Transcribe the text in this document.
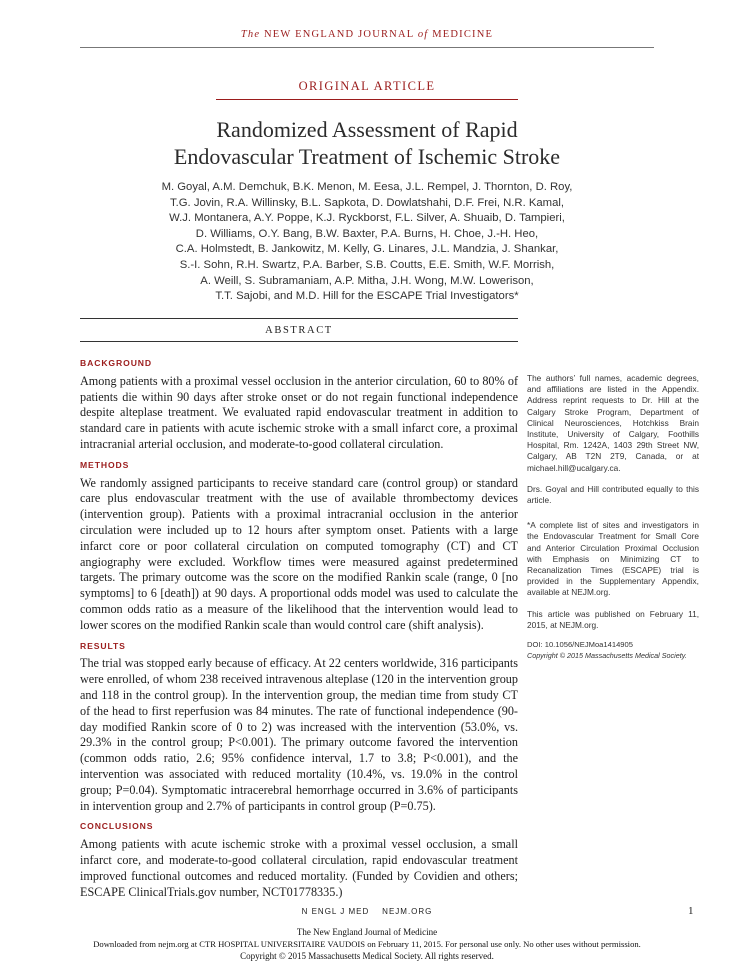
The NEW ENGLAND JOURNAL of MEDICINE
ORIGINAL ARTICLE
Randomized Assessment of Rapid
Endovascular Treatment of Ischemic Stroke
M. Goyal, A.M. Demchuk, B.K. Menon, M. Eesa, J.L. Rempel, J. Thornton, D. Roy,
T.G. Jovin, R.A. Willinsky, B.L. Sapkota, D. Dowlatshahi, D.F. Frei, N.R. Kamal,
W.J. Montanera, A.Y. Poppe, K.J. Ryckborst, F.L. Silver, A. Shuaib, D. Tampieri,
D. Williams, O.Y. Bang, B.W. Baxter, P.A. Burns, H. Choe, J.-H. Heo,
C.A. Holmstedt, B. Jankowitz, M. Kelly, G. Linares, J.L. Mandzia, J. Shankar,
S.-I. Sohn, R.H. Swartz, P.A. Barber, S.B. Coutts, E.E. Smith, W.F. Morrish,
A. Weill, S. Subramaniam, A.P. Mitha, J.H. Wong, M.W. Lowerison,
T.T. Sajobi, and M.D. Hill for the ESCAPE Trial Investigators*
ABSTRACT
BACKGROUND
Among patients with a proximal vessel occlusion in the anterior circulation, 60 to 80% of patients die within 90 days after stroke onset or do not regain functional independence despite alteplase treatment. We evaluated rapid endovascular treatment in addition to standard care in patients with acute ischemic stroke with a small infarct core, a proximal intracranial arterial occlusion, and moderate-to-good collateral circulation.
METHODS
We randomly assigned participants to receive standard care (control group) or standard care plus endovascular treatment with the use of available thrombectomy devices (intervention group). Patients with a proximal intracranial occlusion in the anterior circulation were included up to 12 hours after symptom onset. Patients with a large infarct core or poor collateral circulation on computed tomography (CT) and CT angiography were excluded. Workflow times were measured against predetermined targets. The primary outcome was the score on the modified Rankin scale (range, 0 [no symptoms] to 6 [death]) at 90 days. A proportional odds model was used to calculate the common odds ratio as a measure of the likelihood that the intervention would lead to lower scores on the modified Rankin scale than would control care (shift analysis).
RESULTS
The trial was stopped early because of efficacy. At 22 centers worldwide, 316 participants were enrolled, of whom 238 received intravenous alteplase (120 in the intervention group and 118 in the control group). In the intervention group, the median time from study CT of the head to first reperfusion was 84 minutes. The rate of functional independence (90-day modified Rankin score of 0 to 2) was increased with the intervention (53.0%, vs. 29.3% in the control group; P<0.001). The primary outcome favored the intervention (common odds ratio, 2.6; 95% confidence interval, 1.7 to 3.8; P<0.001), and the intervention was associated with reduced mortality (10.4%, vs. 19.0% in the control group; P=0.04). Symptomatic intracerebral hemorrhage occurred in 3.6% of participants in intervention group and 2.7% of participants in control group (P=0.75).
CONCLUSIONS
Among patients with acute ischemic stroke with a proximal vessel occlusion, a small infarct core, and moderate-to-good collateral circulation, rapid endovascular treatment improved functional outcomes and reduced mortality. (Funded by Covidien and others; ESCAPE ClinicalTrials.gov number, NCT01778335.)

The authors’ full names, academic degrees, and affiliations are listed in the Appendix. Address reprint requests to Dr. Hill at the Calgary Stroke Program, Department of Clinical Neurosciences, Hotchkiss Brain Institute, University of Calgary, Foothills Hospital, Rm. 1242A, 1403 29th Street NW, Calgary, AB T2N 2T9, Canada, or at michael.hill@ucalgary.ca.

Drs. Goyal and Hill contributed equally to this article.

*A complete list of sites and investigators in the Endovascular Treatment for Small Core and Anterior Circulation Proximal Occlusion with Emphasis on Minimizing CT to Recanalization Times (ESCAPE) trial is provided in the Supplementary Appendix, available at NEJM.org.

This article was published on February 11, 2015, at NEJM.org.

DOI: 10.1056/NEJMoa1414905
Copyright © 2015 Massachusetts Medical Society.
N ENGL J MED    NEJM.ORG	1
The New England Journal of Medicine
Downloaded from nejm.org at CTR HOSPITAL UNIVERSITAIRE VAUDOIS on February 11, 2015. For personal use only. No other uses without permission.
Copyright © 2015 Massachusetts Medical Society. All rights reserved.
